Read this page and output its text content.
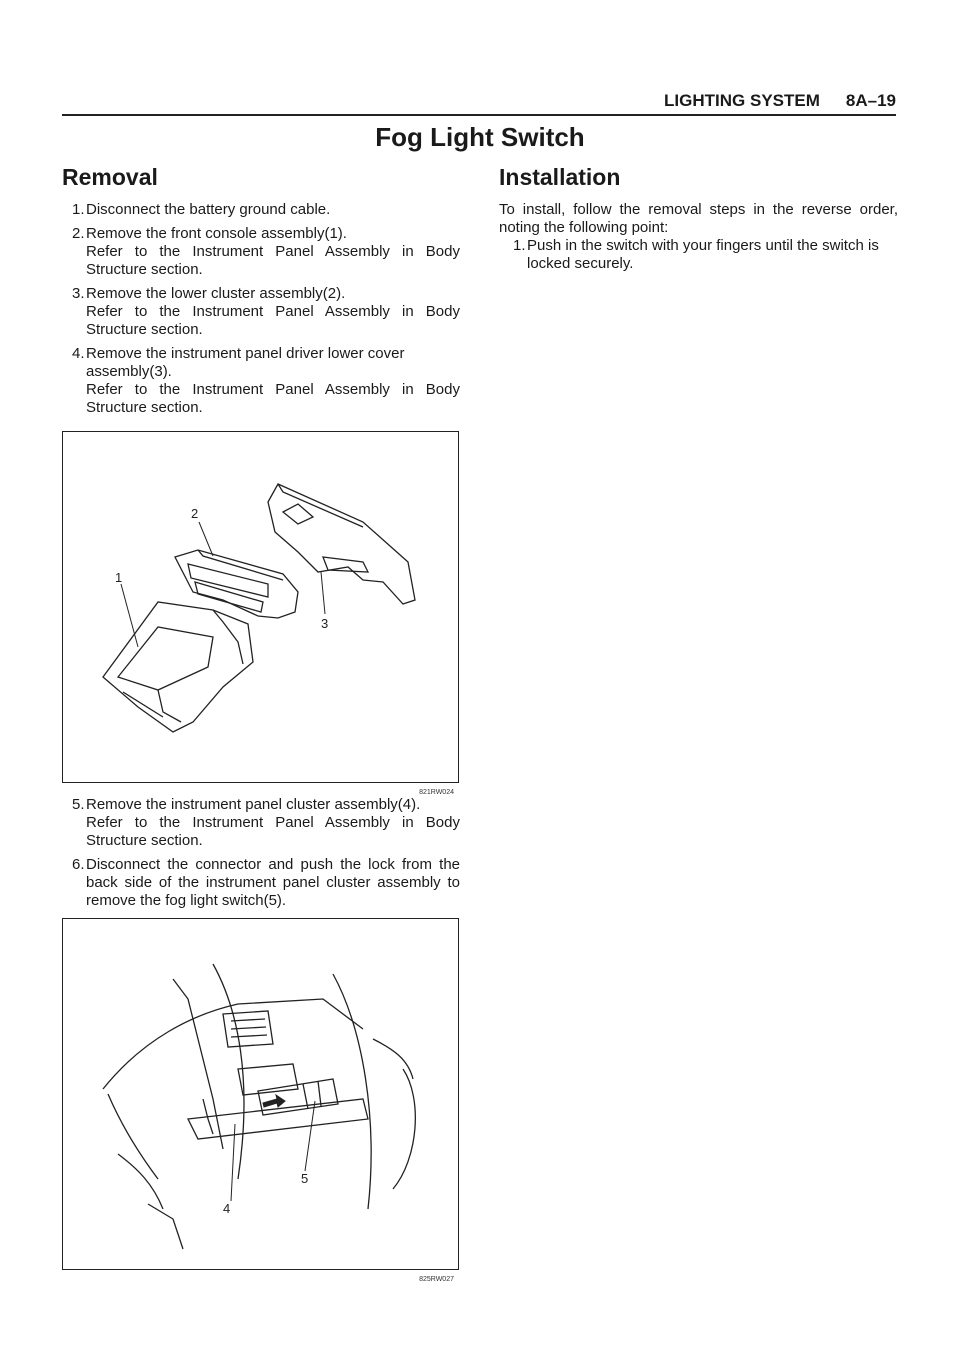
LIGHTING SYSTEM 8A–19
Fog Light Switch
Removal
1. Disconnect the battery ground cable.
2. Remove the front console assembly(1).
Refer to the Instrument Panel Assembly in Body Structure section.
3. Remove the lower cluster assembly(2).
Refer to the Instrument Panel Assembly in Body Structure section.
4. Remove the instrument panel driver lower cover assembly(3).
Refer to the Instrument Panel Assembly in Body Structure section.
2
1
3
821RW024
5. Remove the instrument panel cluster assembly(4).
Refer to the Instrument Panel Assembly in Body Structure section.
6. Disconnect the connector and push the lock from the back side of the instrument panel cluster assembly to remove the fog light switch(5).
4
5
825RW027
Installation

To install, follow the removal steps in the reverse order, noting the following point:

1. Push in the switch with your fingers until the switch is locked securely.
